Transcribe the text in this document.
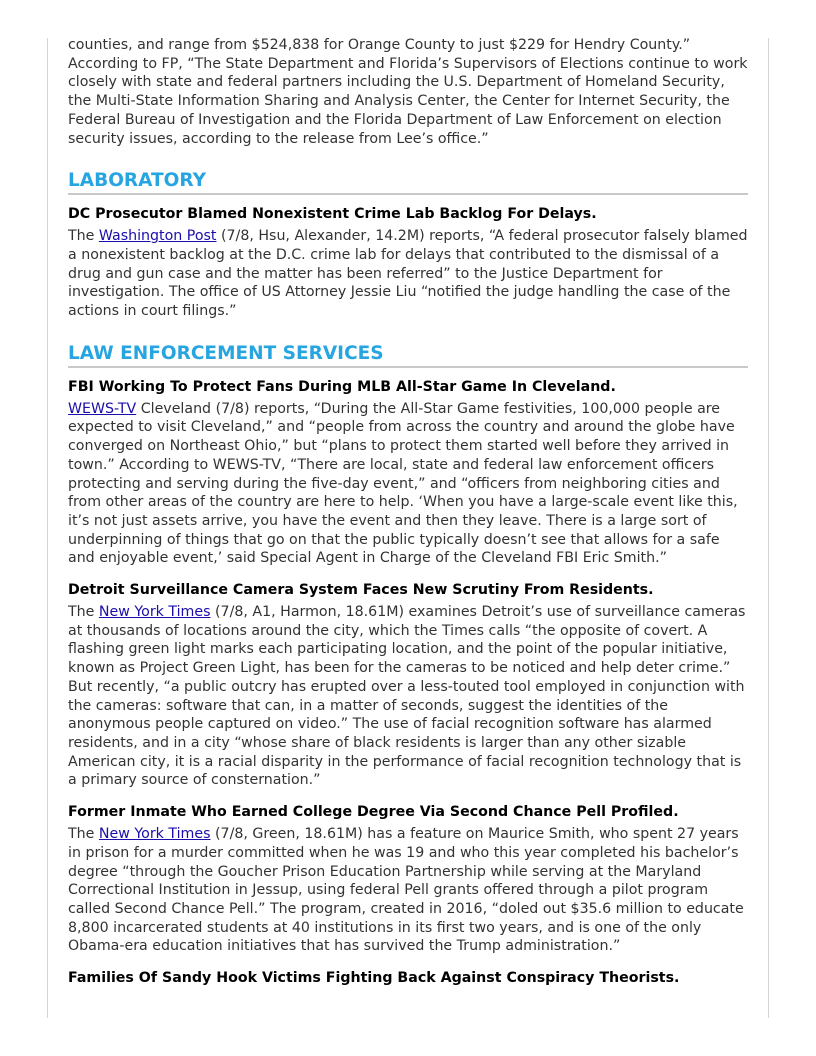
counties, and range from $524,838 for Orange County to just $229 for Hendry County.” According to FP, “The State Department and Florida’s Supervisors of Elections continue to work closely with state and federal partners including the U.S. Department of Homeland Security, the Multi-State Information Sharing and Analysis Center, the Center for Internet Security, the Federal Bureau of Investigation and the Florida Department of Law Enforcement on election security issues, according to the release from Lee’s office.”

LABORATORY
DC Prosecutor Blamed Nonexistent Crime Lab Backlog For Delays.

The Washington Post (7/8, Hsu, Alexander, 14.2M) reports, “A federal prosecutor falsely blamed a nonexistent backlog at the D.C. crime lab for delays that contributed to the dismissal of a drug and gun case and the matter has been referred” to the Justice Department for investigation. The office of US Attorney Jessie Liu “notified the judge handling the case of the actions in court filings.”

LAW ENFORCEMENT SERVICES
FBI Working To Protect Fans During MLB All-Star Game In Cleveland.

WEWS-TV Cleveland (7/8) reports, “During the All-Star Game festivities, 100,000 people are expected to visit Cleveland,” and “people from across the country and around the globe have converged on Northeast Ohio,” but “plans to protect them started well before they arrived in town.” According to WEWS-TV, “There are local, state and federal law enforcement officers protecting and serving during the five-day event,” and “officers from neighboring cities and from other areas of the country are here to help. ‘When you have a large-scale event like this, it’s not just assets arrive, you have the event and then they leave. There is a large sort of underpinning of things that go on that the public typically doesn’t see that allows for a safe and enjoyable event,’ said Special Agent in Charge of the Cleveland FBI Eric Smith.”

Detroit Surveillance Camera System Faces New Scrutiny From Residents.

The New York Times (7/8, A1, Harmon, 18.61M) examines Detroit’s use of surveillance cameras at thousands of locations around the city, which the Times calls “the opposite of covert. A flashing green light marks each participating location, and the point of the popular initiative, known as Project Green Light, has been for the cameras to be noticed and help deter crime.” But recently, “a public outcry has erupted over a less-touted tool employed in conjunction with the cameras: software that can, in a matter of seconds, suggest the identities of the anonymous people captured on video.” The use of facial recognition software has alarmed residents, and in a city “whose share of black residents is larger than any other sizable American city, it is a racial disparity in the performance of facial recognition technology that is a primary source of consternation.”

Former Inmate Who Earned College Degree Via Second Chance Pell Profiled.

The New York Times (7/8, Green, 18.61M) has a feature on Maurice Smith, who spent 27 years in prison for a murder committed when he was 19 and who this year completed his bachelor’s degree “through the Goucher Prison Education Partnership while serving at the Maryland Correctional Institution in Jessup, using federal Pell grants offered through a pilot program called Second Chance Pell.” The program, created in 2016, “doled out $35.6 million to educate 8,800 incarcerated students at 40 institutions in its first two years, and is one of the only Obama-era education initiatives that has survived the Trump administration.”

Families Of Sandy Hook Victims Fighting Back Against Conspiracy Theorists.
